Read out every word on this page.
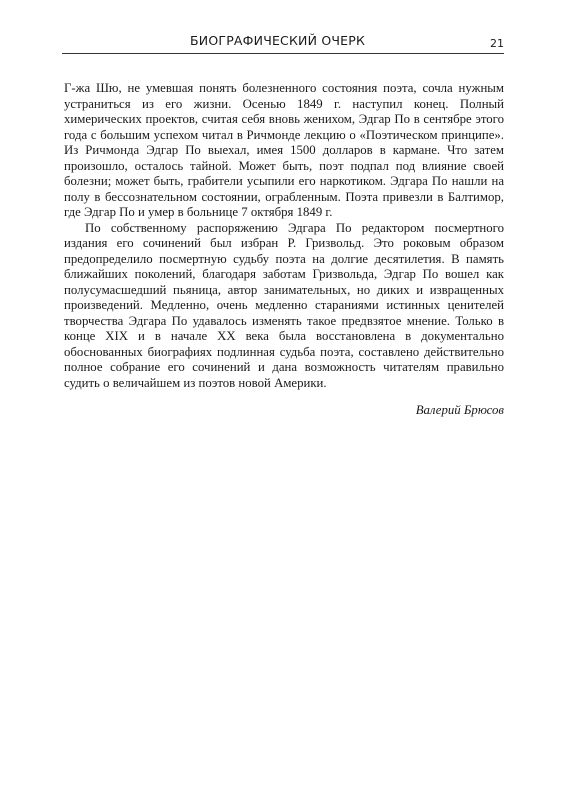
БИОГРАФИЧЕСКИЙ ОЧЕРК	21

Г-жа Шю, не умевшая понять болезненного состояния поэта, сочла нужным устраниться из его жизни. Осенью 1849 г. наступил конец. Полный химерических проектов, считая себя вновь женихом, Эдгар По в сентябре этого года с большим успехом читал в Ричмонде лекцию о «Поэтическом принципе». Из Ричмонда Эдгар По выехал, имея 1500 долларов в кармане. Что затем произошло, осталось тайной. Может быть, поэт подпал под влияние своей болезни; может быть, грабители усыпили его наркотиком. Эдгара По нашли на полу в бессознательном состоянии, ограбленным. Поэта привезли в Балтимор, где Эдгар По и умер в больнице 7 октября 1849 г.

По собственному распоряжению Эдгара По редактором посмертного издания его сочинений был избран Р. Гризвольд. Это роковым образом предопределило посмертную судьбу поэта на долгие десятилетия. В память ближайших поколений, благодаря заботам Гризвольда, Эдгар По вошел как полусумасшедший пьяница, автор занимательных, но диких и извращенных произведений. Медленно, очень медленно стараниями истинных ценителей творчества Эдгара По удавалось изменять такое предвзятое мнение. Только в конце XIX и в начале XX века была восстановлена в документально обоснованных биографиях подлинная судьба поэта, составлено действительно полное собрание его сочинений и дана возможность читателям правильно судить о величайшем из поэтов новой Америки.

Валерий Брюсов
